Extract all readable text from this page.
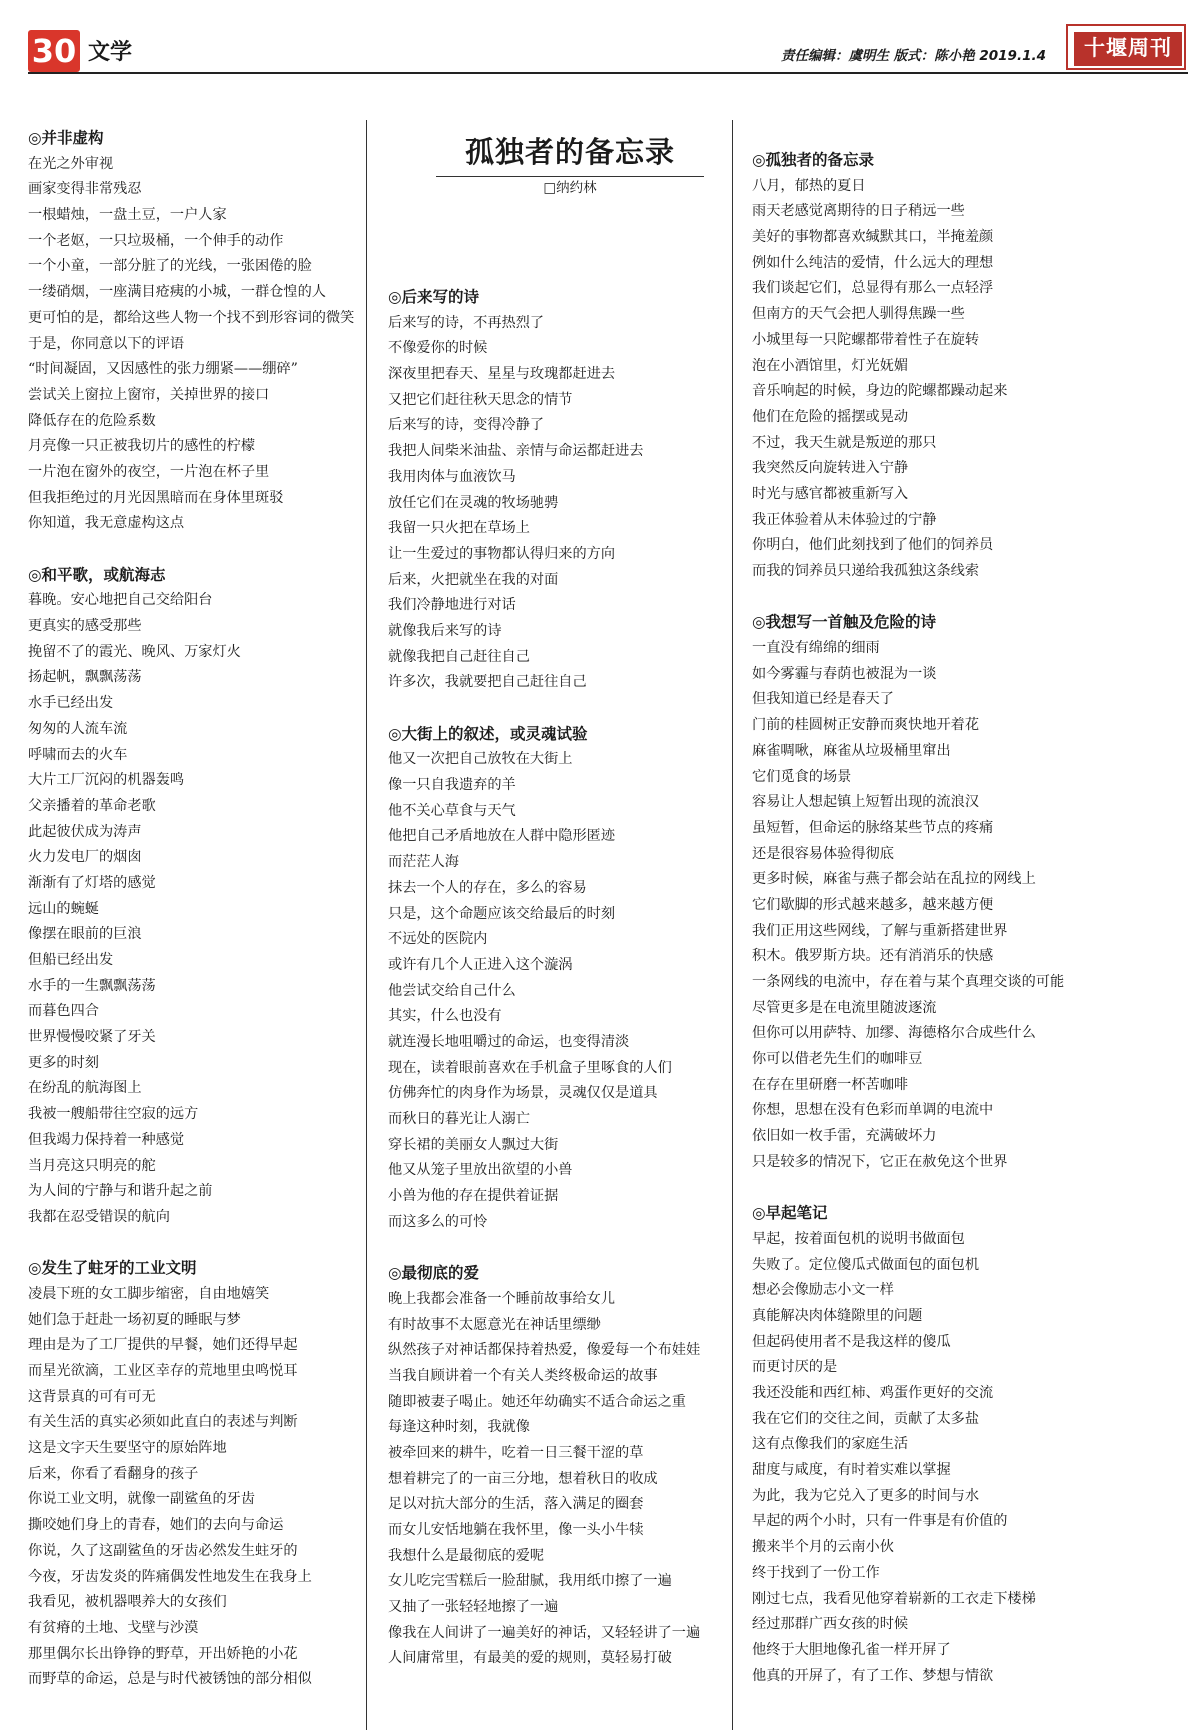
30 文学	责任编辑：虞明生 版式：陈小艳 2019.1.4	十堰周刊
孤独者的备忘录
□纳约林
◎并非虚构
在光之外审视
画家变得非常残忍
一根蜡烛，一盘土豆，一户人家
一个老妪，一只垃圾桶，一个伸手的动作
一个小童，一部分脏了的光线，一张困倦的脸
一缕硝烟，一座满目疮痍的小城，一群仓惶的人
更可怕的是，都给这些人物一个找不到形容词的微笑
于是，你同意以下的评语
“时间凝固，又因感性的张力绷紧——绷碎”
尝试关上窗拉上窗帘，关掉世界的接口
降低存在的危险系数
月亮像一只正被我切片的感性的柠檬
一片泡在窗外的夜空，一片泡在杯子里
但我拒绝过的月光因黑暗而在身体里斑驳
你知道，我无意虚构这点
◎和平歌，或航海志
暮晚。安心地把自己交给阳台
更真实的感受那些
挽留不了的霞光、晚风、万家灯火
扬起帆，飘飘荡荡
水手已经出发
匆匆的人流车流
呼啸而去的火车
大片工厂沉闷的机器轰鸣
父亲播着的革命老歌
此起彼伏成为涛声
火力发电厂的烟囱
渐渐有了灯塔的感觉
远山的蜿蜒
像摆在眼前的巨浪
但船已经出发
水手的一生飘飘荡荡
而暮色四合
世界慢慢咬紧了牙关
更多的时刻
在纷乱的航海图上
我被一艘船带往空寂的远方
但我竭力保持着一种感觉
当月亮这只明亮的舵
为人间的宁静与和谐升起之前
我都在忍受错误的航向
◎发生了蛀牙的工业文明
凌晨下班的女工脚步缩密，自由地嬉笑
她们急于赶赴一场初夏的睡眠与梦
理由是为了工厂提供的早餐，她们还得早起
而星光欲滴，工业区幸存的荒地里虫鸣悦耳
这背景真的可有可无
有关生活的真实必须如此直白的表述与判断
这是文字天生要坚守的原始阵地
后来，你看了看翻身的孩子
你说工业文明，就像一副鲨鱼的牙齿
撕咬她们身上的青春，她们的去向与命运
你说，久了这副鲨鱼的牙齿必然发生蛀牙的
今夜，牙齿发炎的阵痛偶发性地发生在我身上
我看见，被机器喂养大的女孩们
有贫瘠的土地、戈壁与沙漠
那里偶尔长出铮铮的野草，开出娇艳的小花
而野草的命运，总是与时代被锈蚀的部分相似
◎后来写的诗
后来写的诗，不再热烈了
不像爱你的时候
深夜里把春天、星星与玫瑰都赶进去
又把它们赶往秋天思念的情节
后来写的诗，变得冷静了
我把人间柴米油盐、亲情与命运都赶进去
我用肉体与血液饮马
放任它们在灵魂的牧场驰骋
我留一只火把在草场上
让一生爱过的事物都认得归来的方向
后来，火把就坐在我的对面
我们冷静地进行对话
就像我后来写的诗
就像我把自己赶往自己
许多次，我就要把自己赶往自己
◎大街上的叙述，或灵魂试验
他又一次把自己放牧在大街上
像一只自我遗弃的羊
他不关心草食与天气
他把自己矛盾地放在人群中隐形匿迹
而茫茫人海
抹去一个人的存在，多么的容易
只是，这个命题应该交给最后的时刻
不远处的医院内
或许有几个人正进入这个漩涡
他尝试交给自己什么
其实，什么也没有
就连漫长地咀嚼过的命运，也变得清淡
现在，读着眼前喜欢在手机盒子里啄食的人们
仿佛奔忙的肉身作为场景，灵魂仅仅是道具
而秋日的暮光让人溺亡
穿长裙的美丽女人飘过大街
他又从笼子里放出欲望的小兽
小兽为他的存在提供着证据
而这多么的可怜
◎最彻底的爱
晚上我都会准备一个睡前故事给女儿
有时故事不太愿意光在神话里缥缈
纵然孩子对神话都保持着热爱，像爱每一个布娃娃
当我自顾讲着一个有关人类终极命运的故事
随即被妻子喝止。她还年幼确实不适合命运之重
每逢这种时刻，我就像
被牵回来的耕牛，吃着一日三餐干涩的草
想着耕完了的一亩三分地，想着秋日的收成
足以对抗大部分的生活，落入满足的圈套
而女儿安恬地躺在我怀里，像一头小牛犊
我想什么是最彻底的爱呢
女儿吃完雪糕后一脸甜腻，我用纸巾擦了一遍
又抽了一张轻轻地擦了一遍
像我在人间讲了一遍美好的神话，又轻轻讲了一遍
人间庸常里，有最美的爱的规则，莫轻易打破
◎孤独者的备忘录
八月，郁热的夏日
雨天老感觉离期待的日子稍远一些
美好的事物都喜欢缄默其口，半掩羞颜
例如什么纯洁的爱情，什么远大的理想
我们谈起它们，总显得有那么一点轻浮
但南方的天气会把人驯得焦躁一些
小城里每一只陀螺都带着性子在旋转
泡在小酒馆里，灯光妩媚
音乐响起的时候，身边的陀螺都躁动起来
他们在危险的摇摆或晃动
不过，我天生就是叛逆的那只
我突然反向旋转进入宁静
时光与感官都被重新写入
我正体验着从未体验过的宁静
你明白，他们此刻找到了他们的饲养员
而我的饲养员只递给我孤独这条线索
◎我想写一首触及危险的诗
一直没有绵绵的细雨
如今雾霾与春荫也被混为一谈
但我知道已经是春天了
门前的桂圆树正安静而爽快地开着花
麻雀啁啾，麻雀从垃圾桶里窜出
它们觅食的场景
容易让人想起镇上短暂出现的流浪汉
虽短暂，但命运的脉络某些节点的疼痛
还是很容易体验得彻底
更多时候，麻雀与燕子都会站在乱拉的网线上
它们歇脚的形式越来越多，越来越方便
我们正用这些网线，了解与重新搭建世界
积木。俄罗斯方块。还有消消乐的快感
一条网线的电流中，存在着与某个真理交谈的可能
尽管更多是在电流里随波逐流
但你可以用萨特、加缪、海德格尔合成些什么
你可以借老先生们的咖啡豆
在存在里研磨一杯苦咖啡
你想，思想在没有色彩而单调的电流中
依旧如一枚手雷，充满破坏力
只是较多的情况下，它正在赦免这个世界
◎早起笔记
早起，按着面包机的说明书做面包
失败了。定位傻瓜式做面包的面包机
想必会像励志小文一样
真能解决肉体缝隙里的问题
但起码使用者不是我这样的傻瓜
而更讨厌的是
我还没能和西红柿、鸡蛋作更好的交流
我在它们的交往之间，贡献了太多盐
这有点像我们的家庭生活
甜度与咸度，有时着实难以掌握
为此，我为它兑入了更多的时间与水
早起的两个小时，只有一件事是有价值的
搬来半个月的云南小伙
终于找到了一份工作
刚过七点，我看见他穿着崭新的工衣走下楼梯
经过那群广西女孩的时候
他终于大胆地像孔雀一样开屏了
他真的开屏了，有了工作、梦想与情欲
